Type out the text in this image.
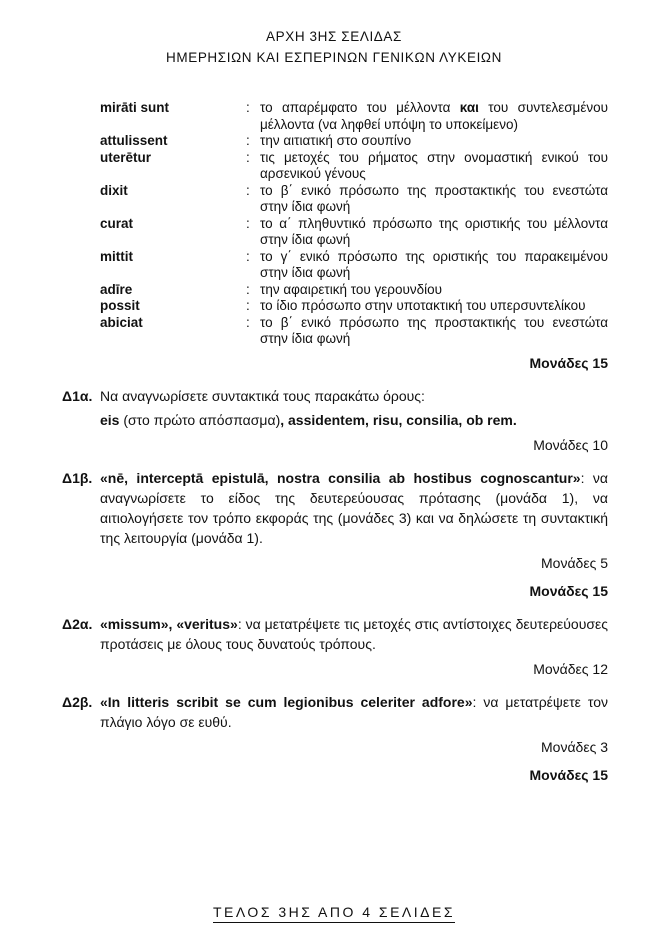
ΑΡΧΗ 3ΗΣ ΣΕΛΙΔΑΣ
ΗΜΕΡΗΣΙΩΝ ΚΑΙ ΕΣΠΕΡΙΝΩΝ ΓΕΝΙΚΩΝ ΛΥΚΕΙΩΝ
mirāti sunt	: το απαρέμφατο του μέλλοντα και του συντελεσμένου μέλλοντα (να ληφθεί υπόψη το υποκείμενο)
attulissent	: την αιτιατική στο σουπίνο
uterētur	: τις μετοχές του ρήματος στην ονομαστική ενικού του αρσενικού γένους
dixit	: το β΄ ενικό πρόσωπο της προστακτικής του ενεστώτα στην ίδια φωνή
curat	: το α΄ πληθυντικό πρόσωπο της οριστικής του μέλλοντα στην ίδια φωνή
mittit	: το γ΄ ενικό πρόσωπο της οριστικής του παρακειμένου στην ίδια φωνή
adīre	: την αφαιρετική του γερουνδίου
possit	: το ίδιο πρόσωπο στην υποτακτική του υπερσυντελίκου
abiciat	: το β΄ ενικό πρόσωπο της προστακτικής του ενεστώτα στην ίδια φωνή
Μονάδες 15
Δ1α. Να αναγνωρίσετε συντακτικά τους παρακάτω όρους:

eis (στο πρώτο απόσπασμα), assidentem, risu, consilia, ob rem.

Μονάδες 10
Δ1β. «nē, interceptā epistulā, nostra consilia ab hostibus cognoscantur»: να αναγνωρίσετε το είδος της δευτερεύουσας πρότασης (μονάδα 1), να αιτιολογήσετε τον τρόπο εκφοράς της (μονάδες 3) και να δηλώσετε τη συντακτική της λειτουργία (μονάδα 1).

Μονάδες 5
Μονάδες 15
Δ2α. «missum», «veritus»: να μετατρέψετε τις μετοχές στις αντίστοιχες δευτερεύουσες προτάσεις με όλους τους δυνατούς τρόπους.

Μονάδες 12
Δ2β. «In litteris scribit se cum legionibus celeriter adfore»: να μετατρέψετε τον πλάγιο λόγο σε ευθύ.

Μονάδες 3
Μονάδες 15
ΤΕΛΟΣ 3ΗΣ ΑΠΟ 4 ΣΕΛΙΔΕΣ
